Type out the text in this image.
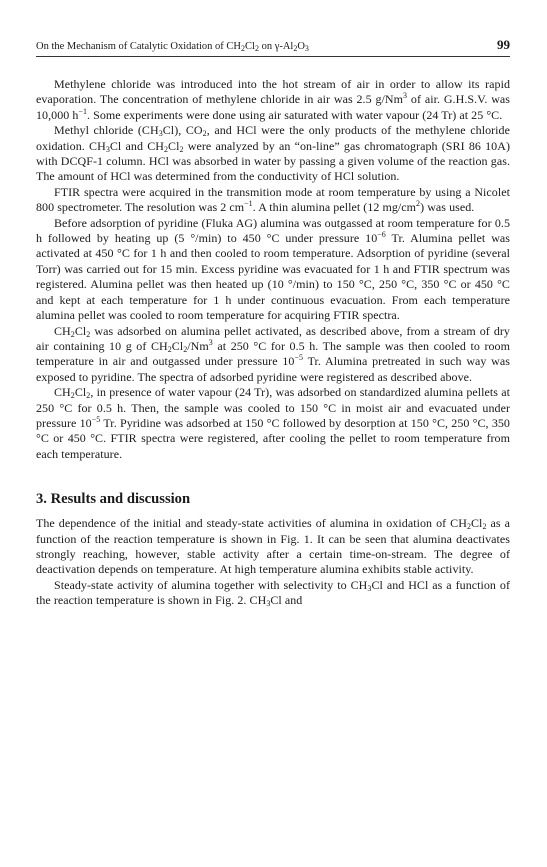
On the Mechanism of Catalytic Oxidation of $CH_2Cl_2$ on $\gamma-Al_2O_3$	99

Methylene chloride was introduced into the hot stream of air in order to allow its rapid evaporation. The concentration of methylene chloride in air was 2.5 g/Nm$^3$ of air. G.H.S.V. was 10,000 $h^{-1}$. Some experiments were done using air saturated with water vapour (24 Tr) at 25 °C.

Methyl chloride $(CH_3Cl)$, $CO_2$, and HCl were the only products of the methylene chloride oxidation. $CH_3Cl$ and $CH_2Cl_2$ were analyzed by an “on-line” gas chromatograph (SRI 86 10A) with DCQF-1 column. HCl was absorbed in water by passing a given volume of the reaction gas. The amount of HCl was determined from the conductivity of HCl solution.

FTIR spectra were acquired in the transmition mode at room temperature by using a Nicolet 800 spectrometer. The resolution was 2 $cm^{-1}$. A thin alumina pellet (12 $mg/cm^2$) was used.

Before adsorption of pyridine (Fluka AG) alumina was outgassed at room temperature for 0.5 h followed by heating up (5 °/min) to 450 °C under pressure $10^{-6}$ Tr. Alumina pellet was activated at 450 °C for 1 h and then cooled to room temperature. Adsorption of pyridine (several Torr) was carried out for 15 min. Excess pyridine was evacuated for 1 h and FTIR spectrum was registered. Alumina pellet was then heated up (10 °/min) to 150 °C, 250 °C, 350 °C or 450 °C and kept at each temperature for 1 h under continuous evacuation. From each temperature alumina pellet was cooled to room temperature for acquiring FTIR spectra.

$CH_2Cl_2$ was adsorbed on alumina pellet activated, as described above, from a stream of dry air containing 10 g of $CH_2Cl_2/Nm^3$ at 250 °C for 0.5 h. The sample was then cooled to room temperature in air and outgassed under pressure $10^{-5}$ Tr. Alumina pretreated in such way was exposed to pyridine. The spectra of adsorbed pyridine were registered as described above.

$CH_2Cl_2$, in presence of water vapour (24 Tr), was adsorbed on standardized alumina pellets at 250 °C for 0.5 h. Then, the sample was cooled to 150 °C in moist air and evacuated under pressure $10^{-5}$ Tr. Pyridine was adsorbed at 150 °C followed by desorption at 150 °C, 250 °C, 350 °C or 450 °C. FTIR spectra were registered, after cooling the pellet to room temperature from each temperature.

3. Results and discussion

The dependence of the initial and steady-state activities of alumina in oxidation of $CH_2Cl_2$ as a function of the reaction temperature is shown in Fig. 1. It can be seen that alumina deactivates strongly reaching, however, stable activity after a certain time-on-stream. The degree of deactivation depends on temperature. At high temperature alumina exhibits stable activity.

Steady-state activity of alumina together with selectivity to $CH_3Cl$ and HCl as a function of the reaction temperature is shown in Fig. 2. $CH_3Cl$ and
